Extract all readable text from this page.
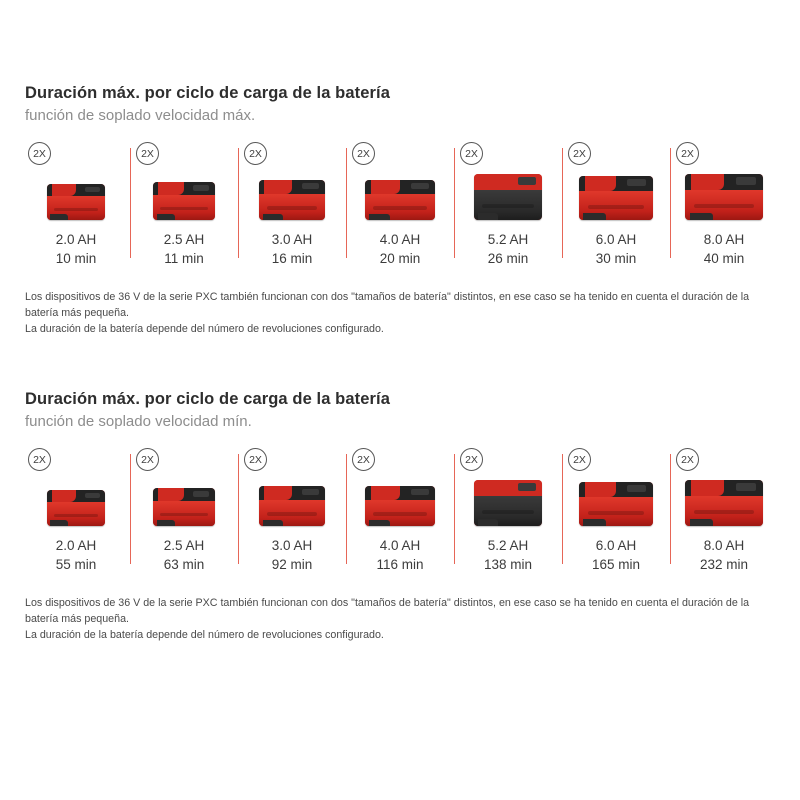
Duración máx. por ciclo de carga de la batería

función de soplado velocidad máx.

2X
2.0 AH
10 min
2X
2.5 AH
11 min
2X
3.0 AH
16 min
2X
4.0 AH
20 min
2X
5.2 AH
26 min
2X
6.0 AH
30 min
2X
8.0 AH
40 min

Los dispositivos de 36 V de la serie PXC también funcionan con dos "tamaños de batería" distintos, en ese caso se ha tenido en cuenta el duración de la

batería más pequeña.

La duración de la batería depende del número de revoluciones configurado.

Duración máx. por ciclo de carga de la batería

función de soplado velocidad mín.

2X
2.0 AH
55 min
2X
2.5 AH
63 min
2X
3.0 AH
92 min
2X
4.0 AH
116 min
2X
5.2 AH
138 min
2X
6.0 AH
165 min
2X
8.0 AH
232 min

Los dispositivos de 36 V de la serie PXC también funcionan con dos "tamaños de batería" distintos, en ese caso se ha tenido en cuenta el duración de la

batería más pequeña.

La duración de la batería depende del número de revoluciones configurado.
